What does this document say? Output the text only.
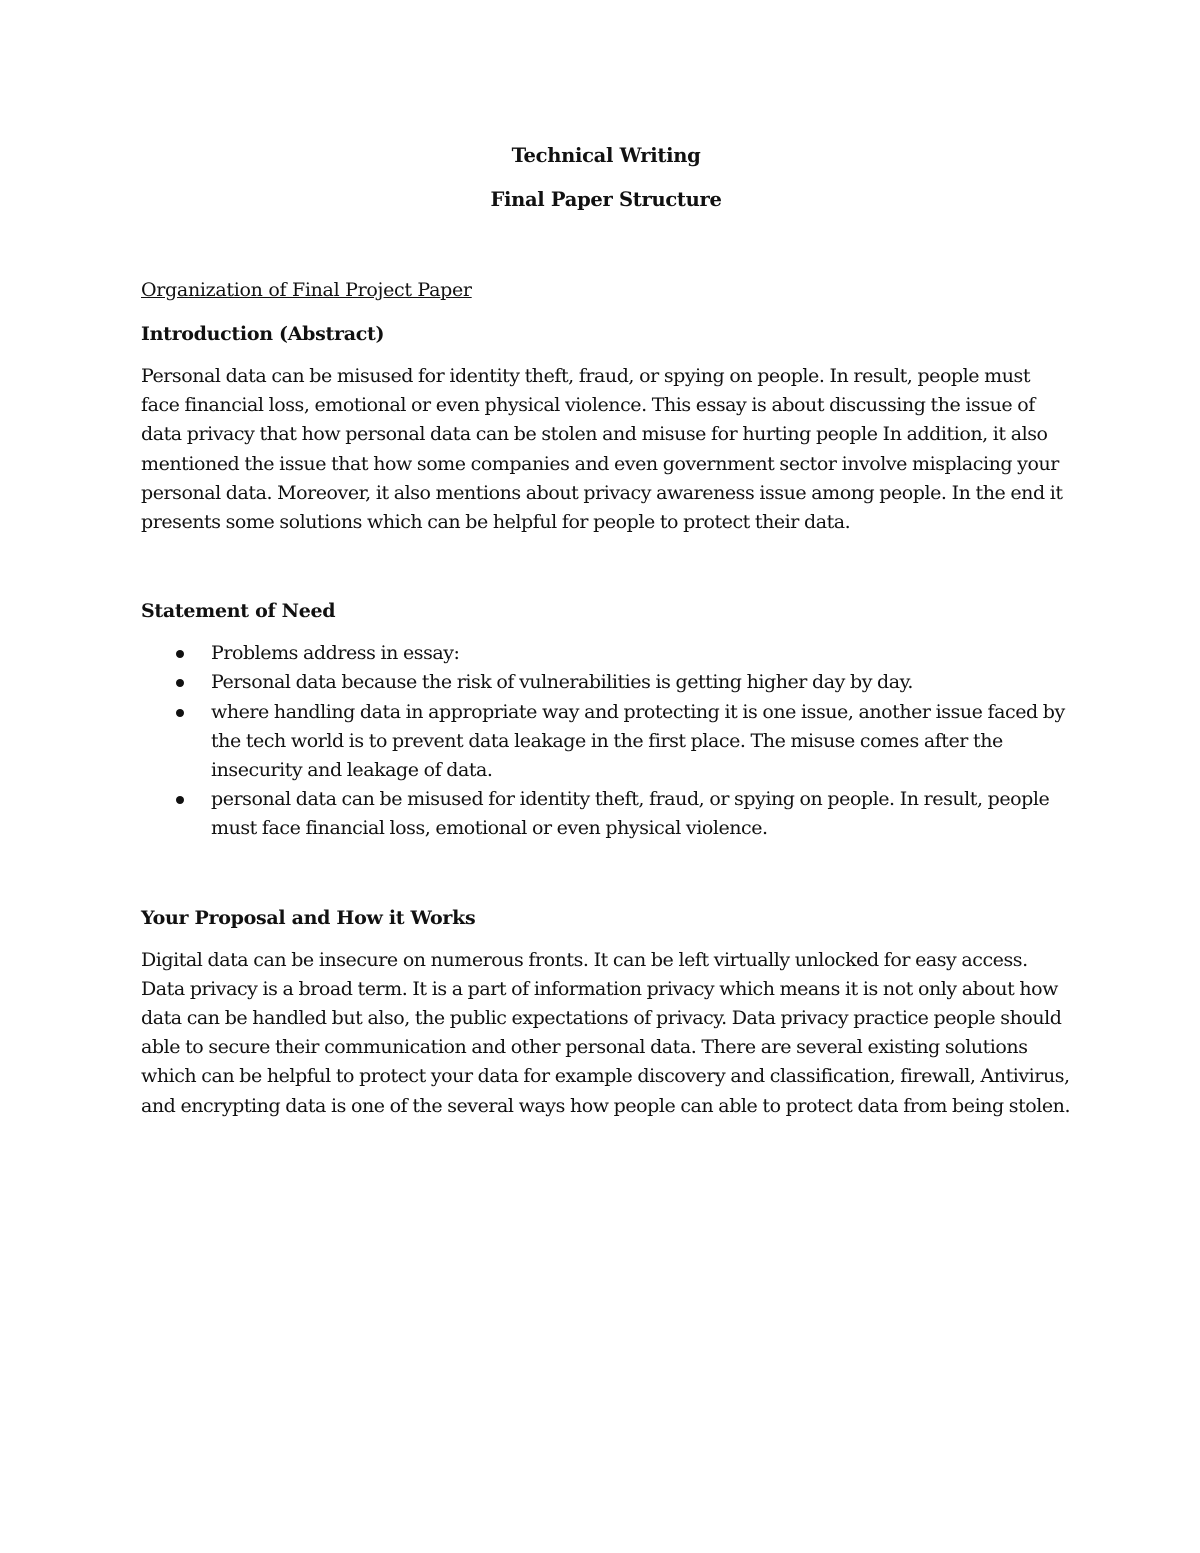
Technical Writing

Final Paper Structure

Organization of Final Project Paper

Introduction (Abstract)

Personal data can be misused for identity theft, fraud, or spying on people. In result, people must face financial loss, emotional or even physical violence. This essay is about discussing the issue of data privacy that how personal data can be stolen and misuse for hurting people In addition, it also mentioned the issue that how some companies and even government sector involve misplacing your personal data. Moreover, it also mentions about privacy awareness issue among people. In the end it presents some solutions which can be helpful for people to protect their data.

Statement of Need

Problems address in essay:
Personal data because the risk of vulnerabilities is getting higher day by day.
where handling data in appropriate way and protecting it is one issue, another issue faced by the tech world is to prevent data leakage in the first place. The misuse comes after the insecurity and leakage of data.
personal data can be misused for identity theft, fraud, or spying on people. In result, people must face financial loss, emotional or even physical violence.

Your Proposal and How it Works

Digital data can be insecure on numerous fronts. It can be left virtually unlocked for easy access. Data privacy is a broad term. It is a part of information privacy which means it is not only about how data can be handled but also, the public expectations of privacy. Data privacy practice people should able to secure their communication and other personal data. There are several existing solutions which can be helpful to protect your data for example discovery and classification, firewall, Antivirus, and encrypting data is one of the several ways how people can able to protect data from being stolen.
